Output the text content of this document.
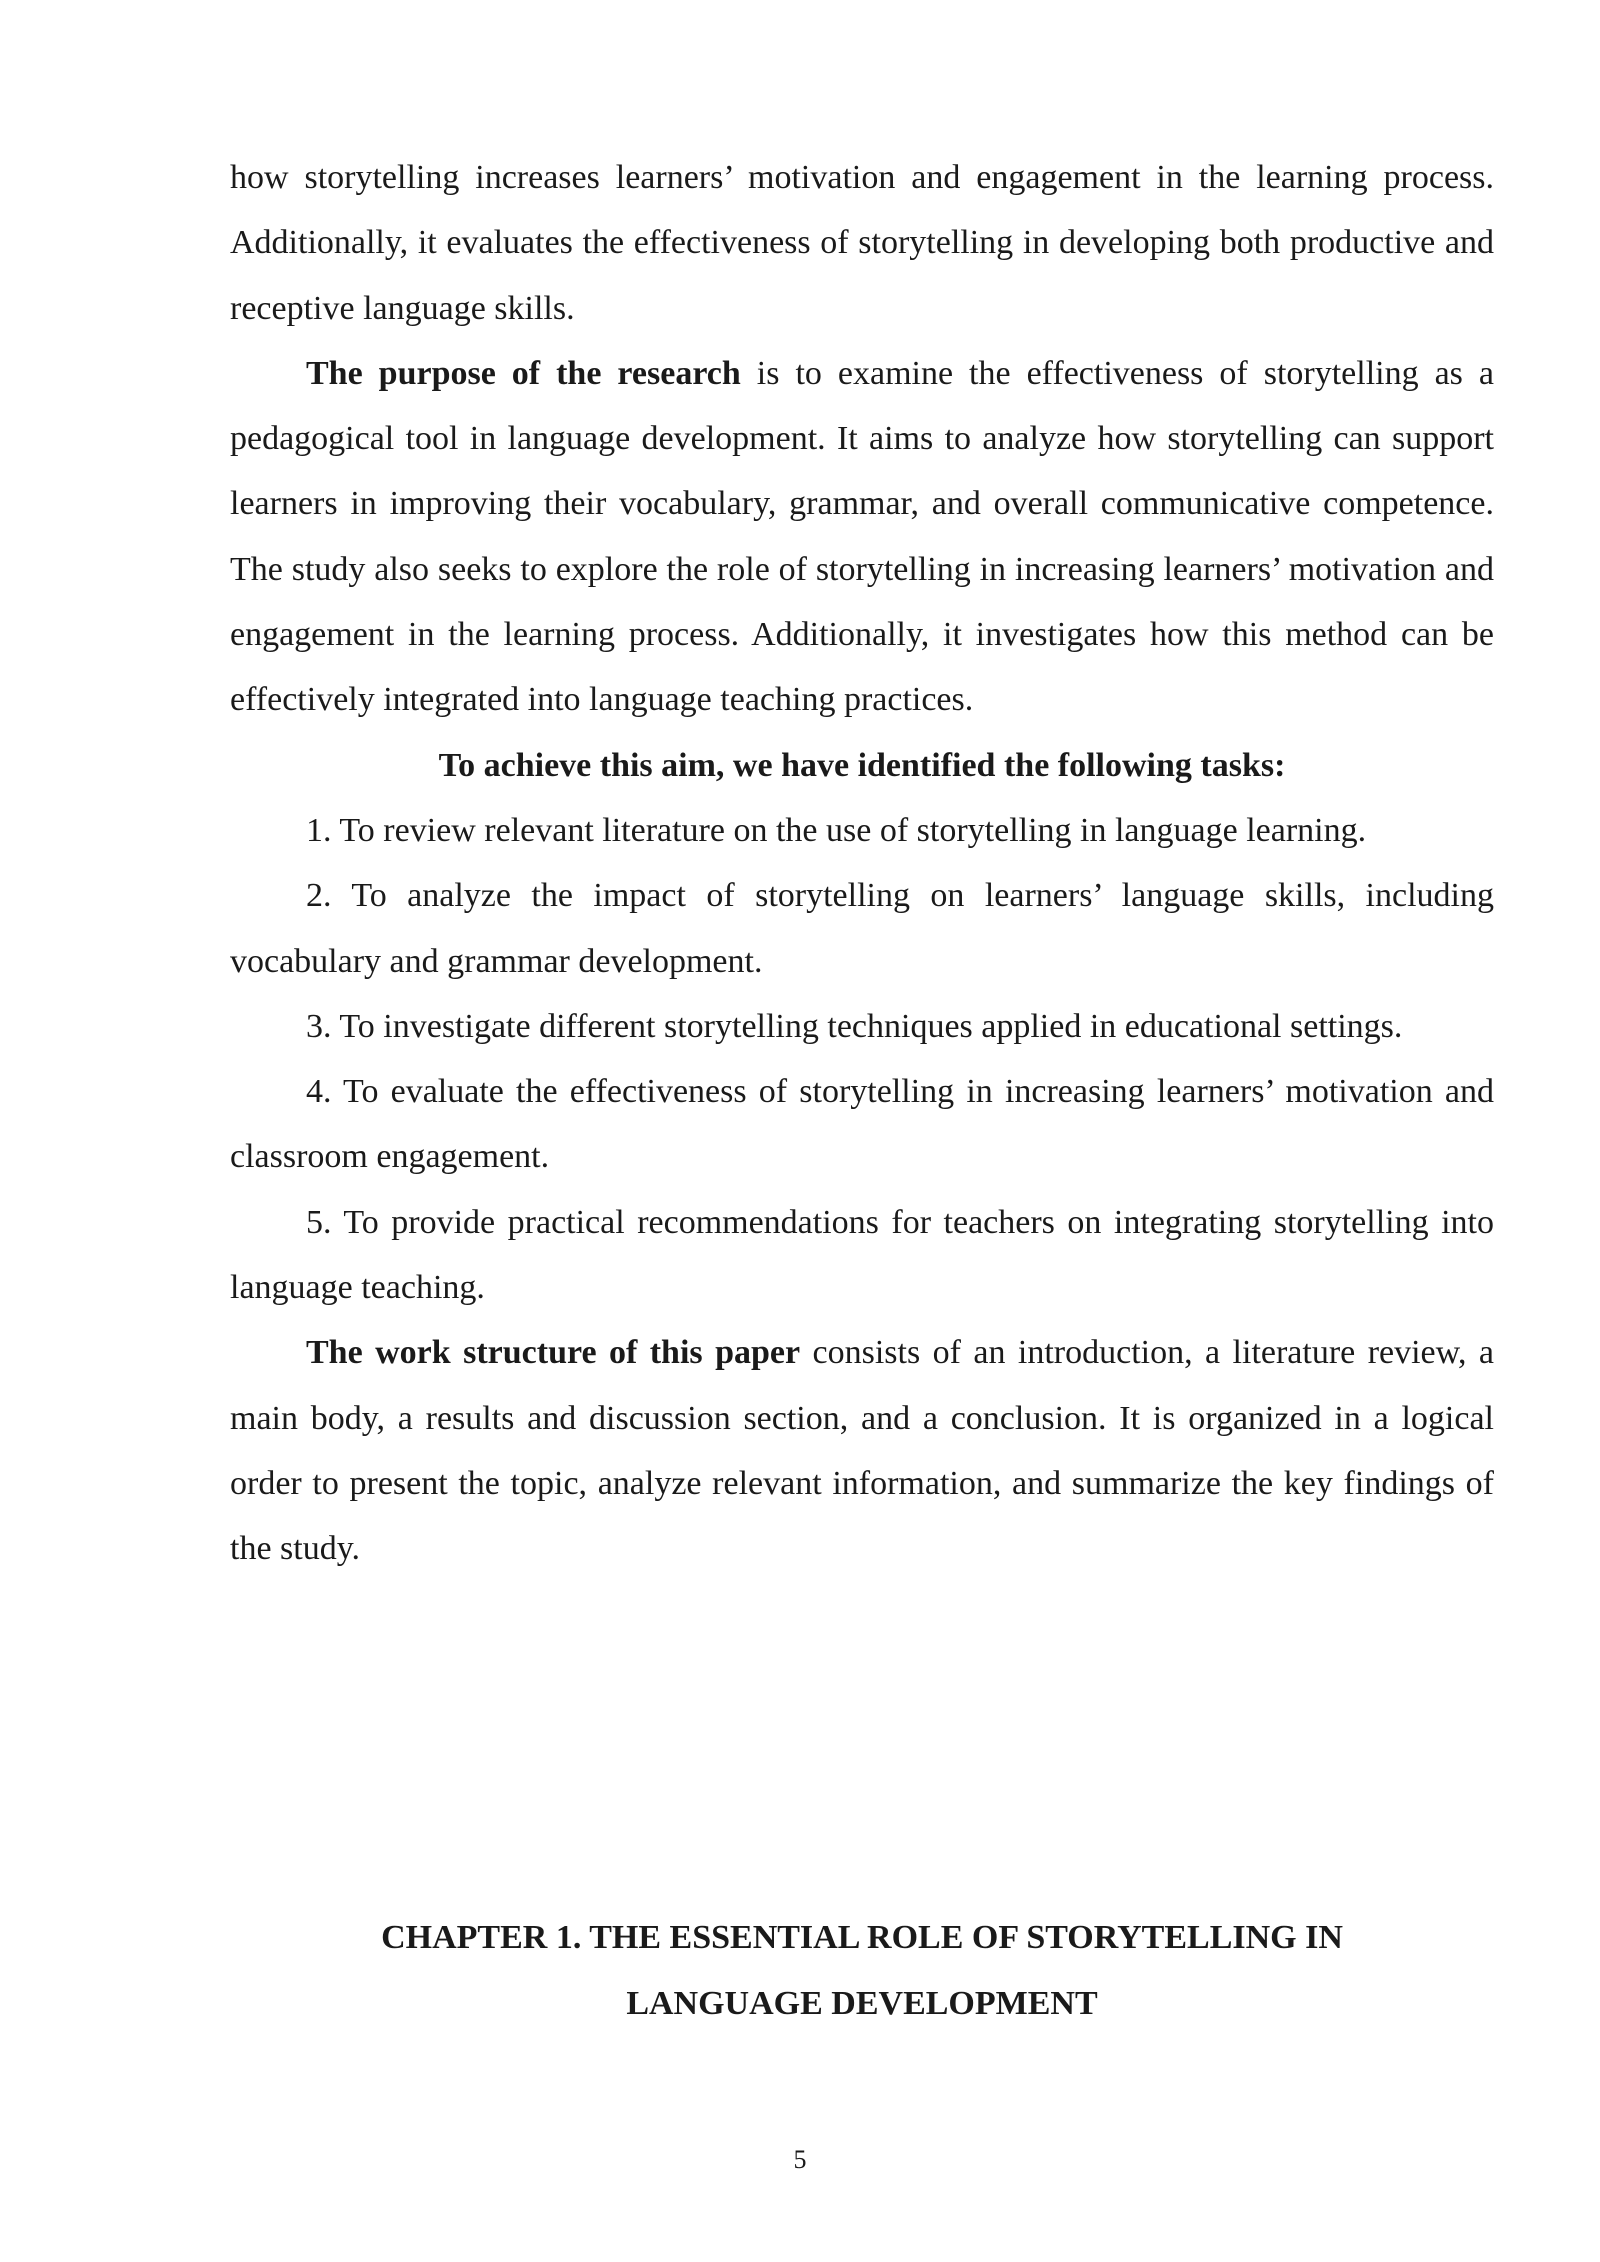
how storytelling increases learners’ motivation and engagement in the learning process. Additionally, it evaluates the effectiveness of storytelling in developing both productive and receptive language skills.

The purpose of the research is to examine the effectiveness of storytelling as a pedagogical tool in language development. It aims to analyze how storytelling can support learners in improving their vocabulary, grammar, and overall communicative competence. The study also seeks to explore the role of storytelling in increasing learners’ motivation and engagement in the learning process. Additionally, it investigates how this method can be effectively integrated into language teaching practices.

To achieve this aim, we have identified the following tasks:

1. To review relevant literature on the use of storytelling in language learning.

2. To analyze the impact of storytelling on learners’ language skills, including vocabulary and grammar development.

3. To investigate different storytelling techniques applied in educational settings.

4. To evaluate the effectiveness of storytelling in increasing learners’ motivation and classroom engagement.

5. To provide practical recommendations for teachers on integrating storytelling into language teaching.

The work structure of this paper consists of an introduction, a literature review, a main body, a results and discussion section, and a conclusion. It is organized in a logical order to present the topic, analyze relevant information, and summarize the key findings of the study.

CHAPTER 1. THE ESSENTIAL ROLE OF STORYTELLING IN
LANGUAGE DEVELOPMENT
5
